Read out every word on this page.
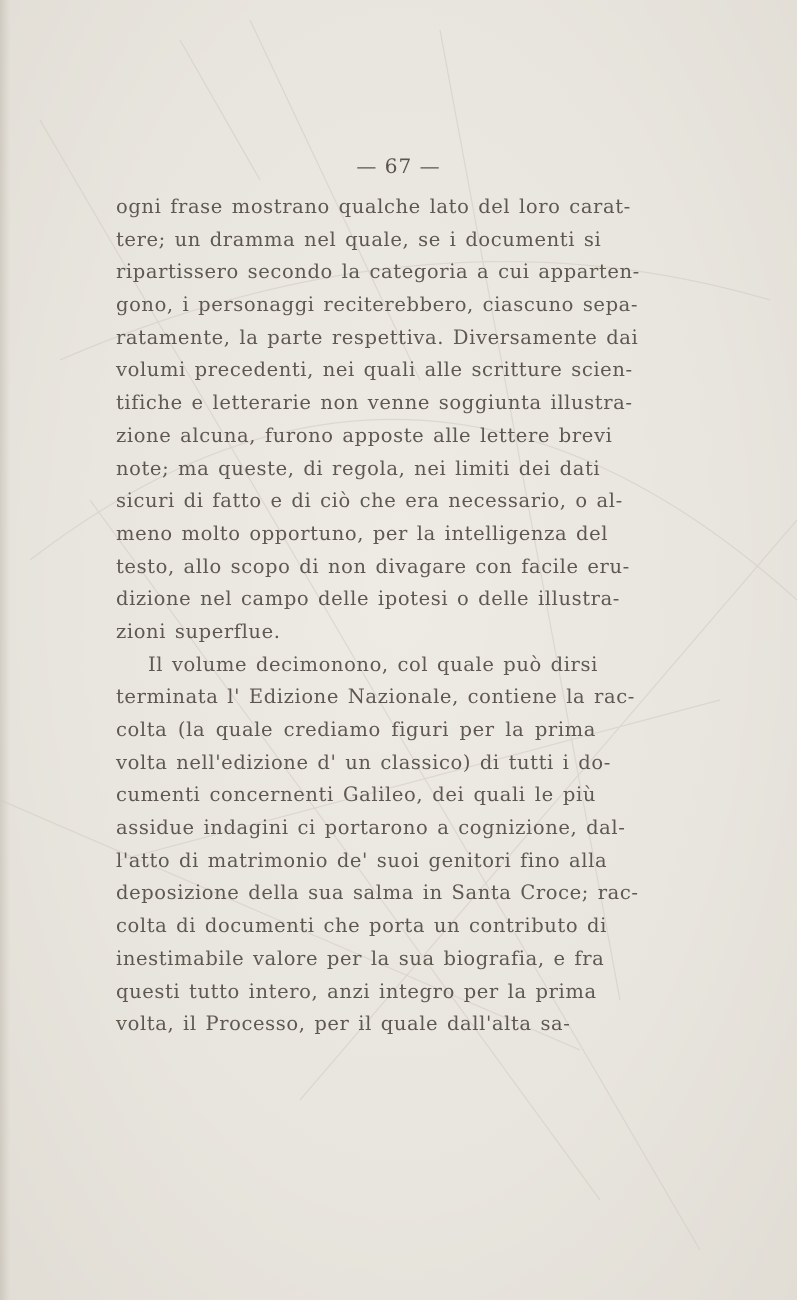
— 67 —
ogni frase mostrano qualche lato del loro carat-
tere; un dramma nel quale, se i documenti si
ripartissero secondo la categoria a cui apparten-
gono, i personaggi reciterebbero, ciascuno sepa-
ratamente, la parte respettiva. Diversamente dai
volumi precedenti, nei quali alle scritture scien-
tifiche e letterarie non venne soggiunta illustra-
zione alcuna, furono apposte alle lettere brevi
note; ma queste, di regola, nei limiti dei dati
sicuri di fatto e di ciò che era necessario, o al-
meno molto opportuno, per la intelligenza del
testo, allo scopo di non divagare con facile eru-
dizione nel campo delle ipotesi o delle illustra-
zioni superflue.
Il volume decimonono, col quale può dirsi
terminata l' Edizione Nazionale, contiene la rac-
colta (la quale crediamo figuri per la prima
volta nell'edizione d' un classico) di tutti i do-
cumenti concernenti Galileo, dei quali le più
assidue indagini ci portarono a cognizione, dal-
l'atto di matrimonio de' suoi genitori fino alla
deposizione della sua salma in Santa Croce; rac-
colta di documenti che porta un contributo di
inestimabile valore per la sua biografia, e fra
questi tutto intero, anzi integro per la prima
volta, il Processo, per il quale dall'alta sa-
